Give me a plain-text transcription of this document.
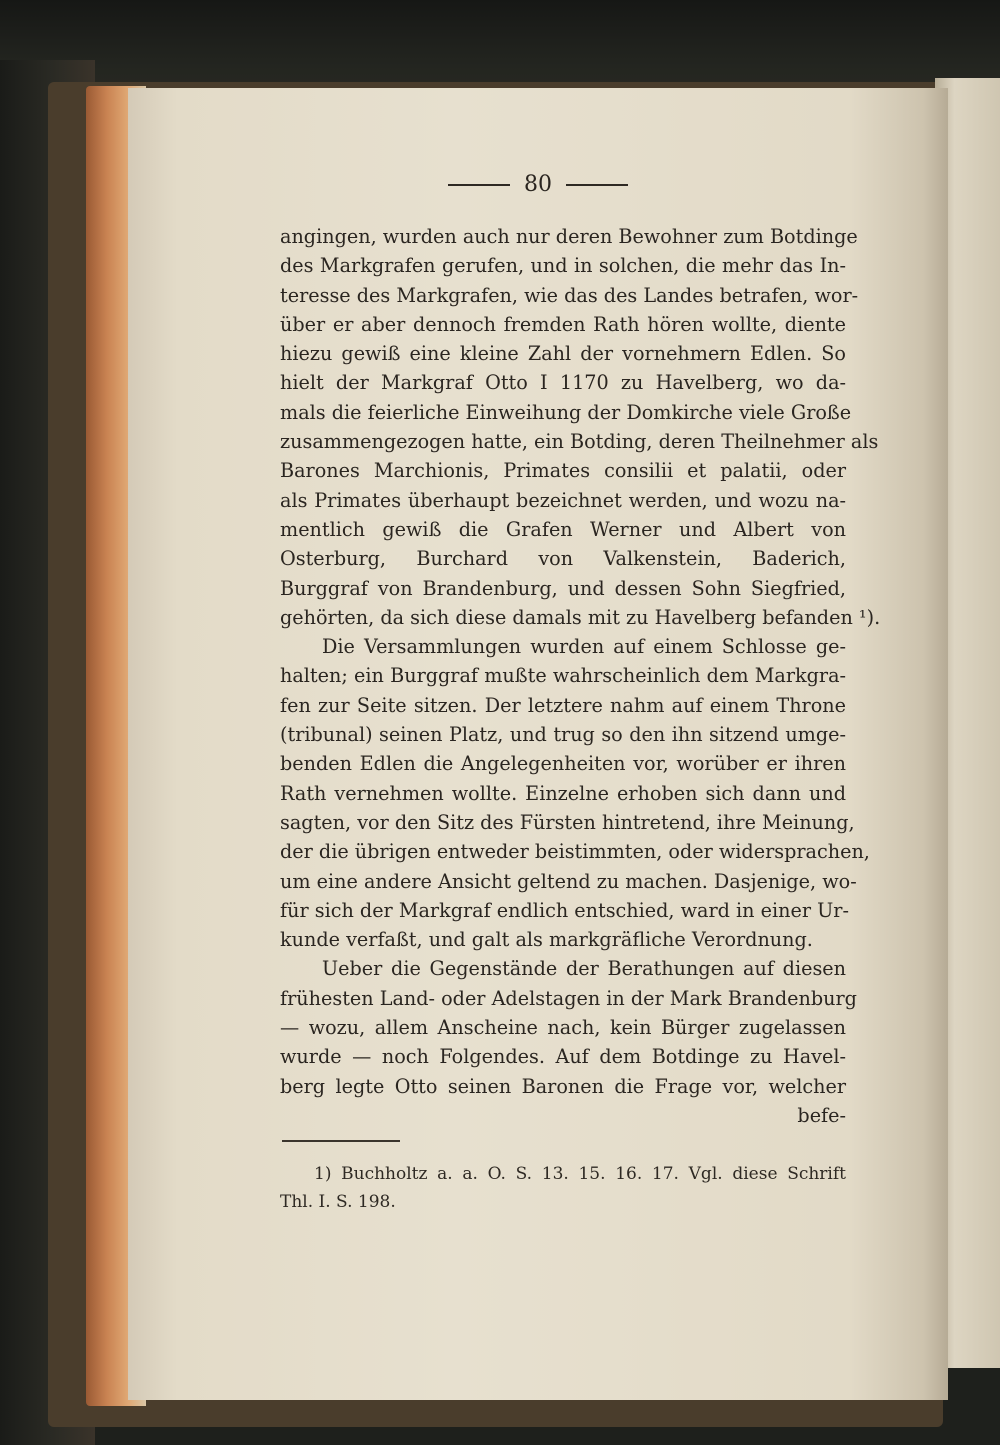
80
angingen, wurden auch nur deren Bewohner zum Botdinge
des Markgrafen gerufen, und in solchen, die mehr das In-
teresse des Markgrafen, wie das des Landes betrafen, wor-
über er aber dennoch fremden Rath hören wollte, diente
hiezu gewiß eine kleine Zahl der vornehmern Edlen. So
hielt der Markgraf Otto I 1170 zu Havelberg, wo da-
mals die feierliche Einweihung der Domkirche viele Große
zusammengezogen hatte, ein Botding, deren Theilnehmer als
Barones Marchionis, Primates consilii et palatii, oder
als Primates überhaupt bezeichnet werden, und wozu na-
mentlich gewiß die Grafen Werner und Albert von
Osterburg, Burchard von Valkenstein, Baderich,
Burggraf von Brandenburg, und dessen Sohn Siegfried,
gehörten, da sich diese damals mit zu Havelberg befanden ¹).
Die Versammlungen wurden auf einem Schlosse ge-
halten; ein Burggraf mußte wahrscheinlich dem Markgra-
fen zur Seite sitzen. Der letztere nahm auf einem Throne
(tribunal) seinen Platz, und trug so den ihn sitzend umge-
benden Edlen die Angelegenheiten vor, worüber er ihren
Rath vernehmen wollte. Einzelne erhoben sich dann und
sagten, vor den Sitz des Fürsten hintretend, ihre Meinung,
der die übrigen entweder beistimmten, oder widersprachen,
um eine andere Ansicht geltend zu machen. Dasjenige, wo-
für sich der Markgraf endlich entschied, ward in einer Ur-
kunde verfaßt, und galt als markgräfliche Verordnung.
Ueber die Gegenstände der Berathungen auf diesen
frühesten Land- oder Adelstagen in der Mark Brandenburg
— wozu, allem Anscheine nach, kein Bürger zugelassen
wurde — noch Folgendes. Auf dem Botdinge zu Havel-
berg legte Otto seinen Baronen die Frage vor, welcher
befe-
1) Buchholtz a. a. O. S. 13. 15. 16. 17. Vgl. diese Schrift
Thl. I. S. 198.
